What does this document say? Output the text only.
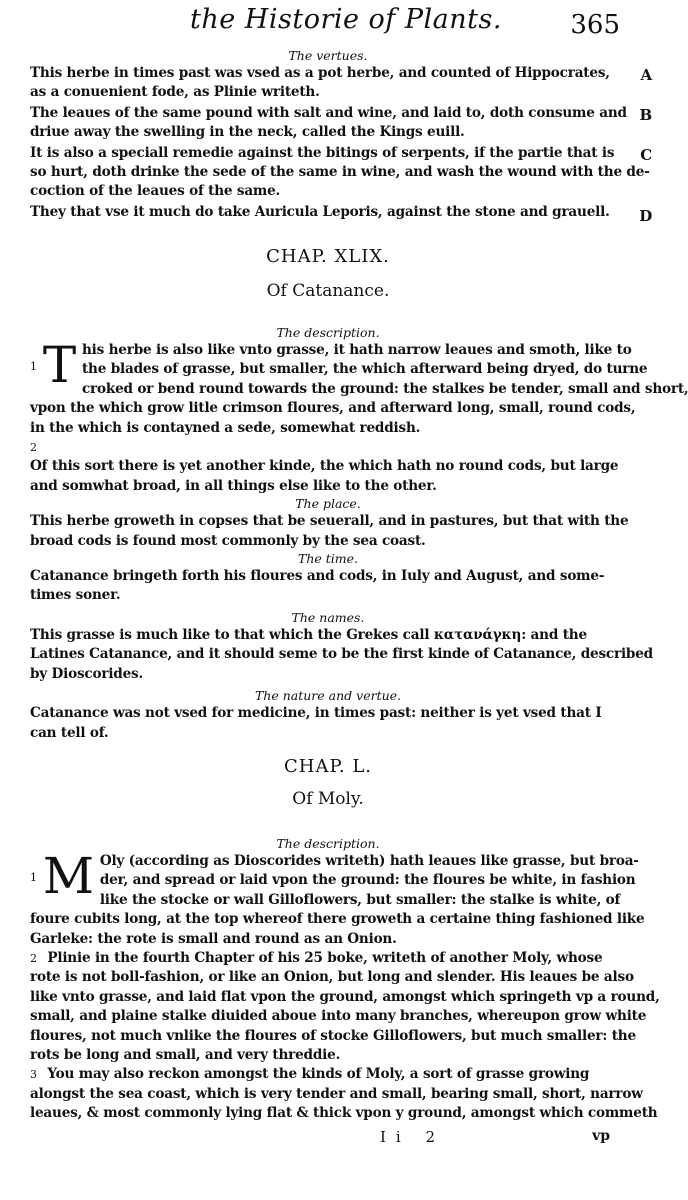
the Historie of Plants.	365

The vertues.

This herbe in times past was vsed as a pot herbe, and counted of Hippocrates,
as a conuenient fode, as Plinie writeth.
A
The leaues of the same pound with salt and wine, and laid to, doth consume and
driue away the swelling in the neck, called the Kings euill.
B
It is also a speciall remedie against the bitings of serpents, if the partie that is
so hurt, doth drinke the sede of the same in wine, and wash the wound with the de-
coction of the leaues of the same.
C
They that vse it much do take Auricula Leporis, against the stone and grauell.	D

CHAP. XLIX.

Of Catanance.

The description.

1 T his herbe is also like vnto grasse, it hath narrow leaues and smoth, like to
the blades of grasse, but smaller, the which afterward being dryed, do turne
croked or bend round towards the ground: the stalkes be tender, small and short,
vpon the which grow litle crimson floures, and afterward long, small, round cods,
in the which is contayned a sede, somewhat reddish.
2 Of this sort there is yet another kinde, the which hath no round cods, but large
and somwhat broad, in all things else like to the other.

The place.

This herbe groweth in copses that be seuerall, and in pastures, but that with the
broad cods is found most commonly by the sea coast.

The time.

Catanance bringeth forth his floures and cods, in Iuly and August, and some-
times soner.

The names.

This grasse is much like to that which the Grekes call κατανάγκη: and the
Latines Catanance, and it should seme to be the first kinde of Catanance, described
by Dioscorides.

The nature and vertue.

Catanance was not vsed for medicine, in times past: neither is yet vsed that I
can tell of.

CHAP. L.

Of Moly.

The description.

1 M Oly (according as Dioscorides writeth) hath leaues like grasse, but broa-
der, and spread or laid vpon the ground: the floures be white, in fashion
like the stocke or wall Gilloflowers, but smaller: the stalke is white, of
foure cubits long, at the top whereof there groweth a certaine thing fashioned like
Garleke: the rote is small and round as an Onion.
2 Plinie in the fourth Chapter of his 25 boke, writeth of another Moly, whose
rote is not boll-fashion, or like an Onion, but long and slender. His leaues be also
like vnto grasse, and laid flat vpon the ground, amongst which springeth vp a round,
small, and plaine stalke diuided aboue into many branches, whereupon grow white
floures, not much vnlike the floures of stocke Gilloflowers, but much smaller: the
rots be long and small, and very threddie.
3 You may also reckon amongst the kinds of Moly, a sort of grasse growing
alongst the sea coast, which is very tender and small, bearing small, short, narrow
leaues, & most commonly lying flat & thick vpon y ground, amongst which commeth
Ii 2	vp
